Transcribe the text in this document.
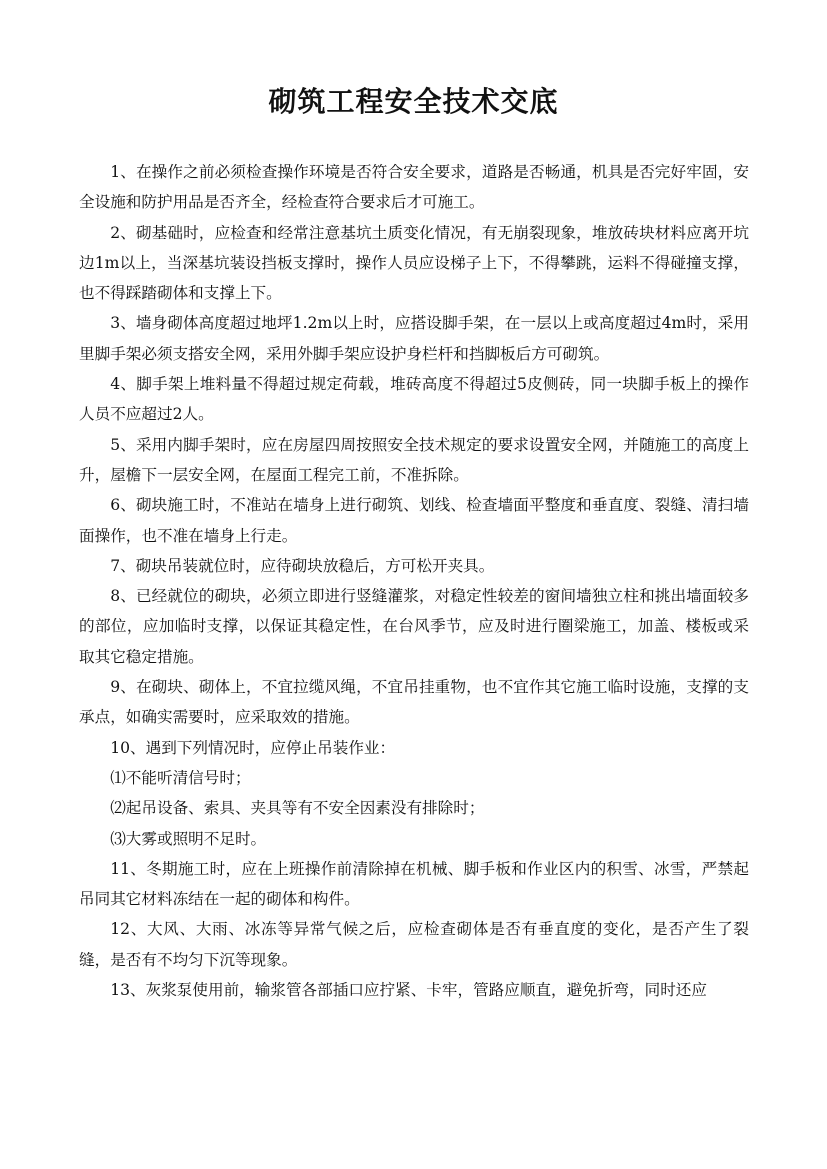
砌筑工程安全技术交底

1、在操作之前必须检查操作环境是否符合安全要求，道路是否畅通，机具是否完好牢固，安全设施和防护用品是否齐全，经检查符合要求后才可施工。

2、砌基础时，应检查和经常注意基坑土质变化情况，有无崩裂现象，堆放砖块材料应离开坑边1m以上，当深基坑装设挡板支撑时，操作人员应设梯子上下，不得攀跳，运料不得碰撞支撑，也不得踩踏砌体和支撑上下。

3、墙身砌体高度超过地坪1.2m以上时，应搭设脚手架，在一层以上或高度超过4m时，采用里脚手架必须支搭安全网，采用外脚手架应设护身栏杆和挡脚板后方可砌筑。

4、脚手架上堆料量不得超过规定荷载，堆砖高度不得超过5皮侧砖，同一块脚手板上的操作人员不应超过2人。

5、采用内脚手架时，应在房屋四周按照安全技术规定的要求设置安全网，并随施工的高度上升，屋檐下一层安全网，在屋面工程完工前，不准拆除。

6、砌块施工时，不准站在墙身上进行砌筑、划线、检查墙面平整度和垂直度、裂缝、清扫墙面操作，也不准在墙身上行走。

7、砌块吊装就位时，应待砌块放稳后，方可松开夹具。

8、已经就位的砌块，必须立即进行竖缝灌浆，对稳定性较差的窗间墙独立柱和挑出墙面较多的部位，应加临时支撑，以保证其稳定性，在台风季节，应及时进行圈梁施工，加盖、楼板或采取其它稳定措施。

9、在砌块、砌体上，不宜拉缆风绳，不宜吊挂重物，也不宜作其它施工临时设施，支撑的支承点，如确实需要时，应采取效的措施。

10、遇到下列情况时，应停止吊装作业：

⑴不能听清信号时；

⑵起吊设备、索具、夹具等有不安全因素没有排除时；

⑶大雾或照明不足时。

11、冬期施工时，应在上班操作前清除掉在机械、脚手板和作业区内的积雪、冰雪，严禁起吊同其它材料冻结在一起的砌体和构件。

12、大风、大雨、冰冻等异常气候之后，应检查砌体是否有垂直度的变化，是否产生了裂缝，是否有不均匀下沉等现象。

13、灰浆泵使用前，输浆管各部插口应拧紧、卡牢，管路应顺直，避免折弯，同时还应
